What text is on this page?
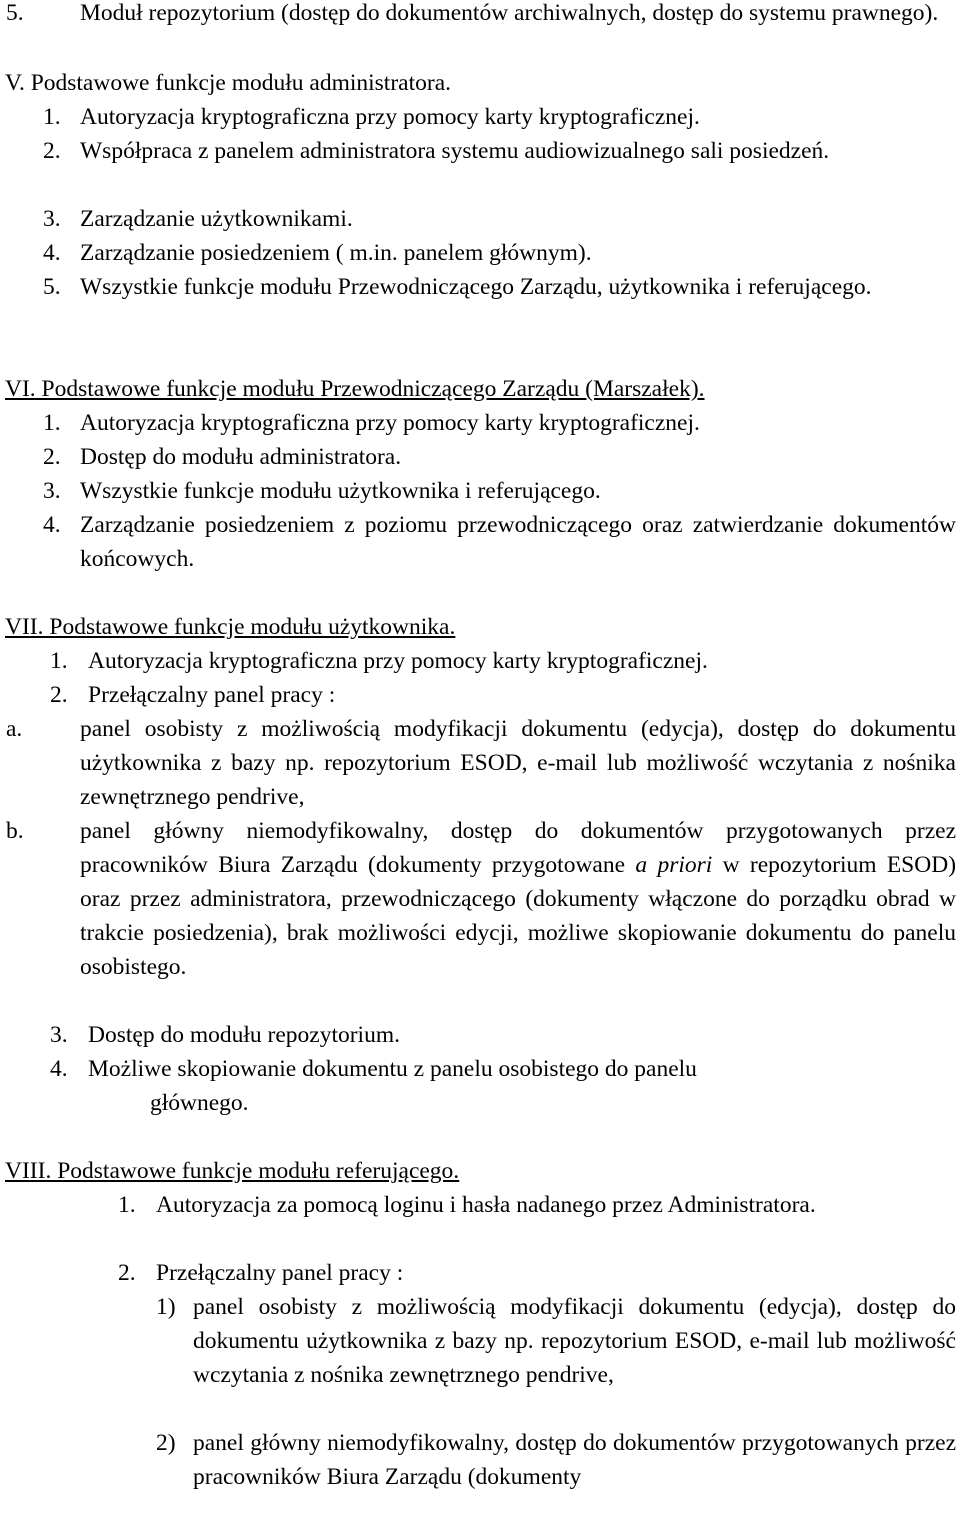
5. Moduł repozytorium (dostęp do dokumentów archiwalnych, dostęp do systemu prawnego).
V. Podstawowe funkcje modułu administratora.
1. Autoryzacja kryptograficzna przy pomocy karty kryptograficznej.
2. Współpraca z panelem administratora systemu audiowizualnego sali posiedzeń.
3. Zarządzanie użytkownikami.
4. Zarządzanie posiedzeniem ( m.in. panelem głównym).
5. Wszystkie funkcje modułu Przewodniczącego Zarządu, użytkownika i referującego.
VI. Podstawowe funkcje modułu Przewodniczącego Zarządu (Marszałek).
1. Autoryzacja kryptograficzna przy pomocy karty kryptograficznej.
2. Dostęp do modułu administratora.
3. Wszystkie funkcje modułu użytkownika i referującego.
4. Zarządzanie posiedzeniem z poziomu przewodniczącego oraz zatwierdzanie dokumentów końcowych.
VII. Podstawowe funkcje modułu użytkownika.
1. Autoryzacja kryptograficzna przy pomocy karty kryptograficznej.
2. Przełączalny panel pracy :
a. panel osobisty z możliwością modyfikacji dokumentu (edycja), dostęp do dokumentu użytkownika z bazy np. repozytorium ESOD, e-mail lub możliwość wczytania z nośnika zewnętrznego pendrive,
b. panel główny niemodyfikowalny, dostęp do dokumentów przygotowanych przez pracowników Biura Zarządu (dokumenty przygotowane a priori w repozytorium ESOD) oraz przez administratora, przewodniczącego (dokumenty włączone do porządku obrad w trakcie posiedzenia), brak możliwości edycji, możliwe skopiowanie dokumentu do panelu osobistego.
3. Dostęp do modułu repozytorium.
4. Możliwe skopiowanie dokumentu z panelu osobistego do panelu
głównego.
VIII. Podstawowe funkcje modułu referującego.
1. Autoryzacja za pomocą loginu i hasła nadanego przez Administratora.
2. Przełączalny panel pracy :
1) panel osobisty z możliwością modyfikacji dokumentu (edycja), dostęp do dokumentu użytkownika z bazy np. repozytorium ESOD, e-mail lub możliwość wczytania z nośnika zewnętrznego pendrive,
2) panel główny niemodyfikowalny, dostęp do dokumentów przygotowanych przez pracowników Biura Zarządu (dokumenty
